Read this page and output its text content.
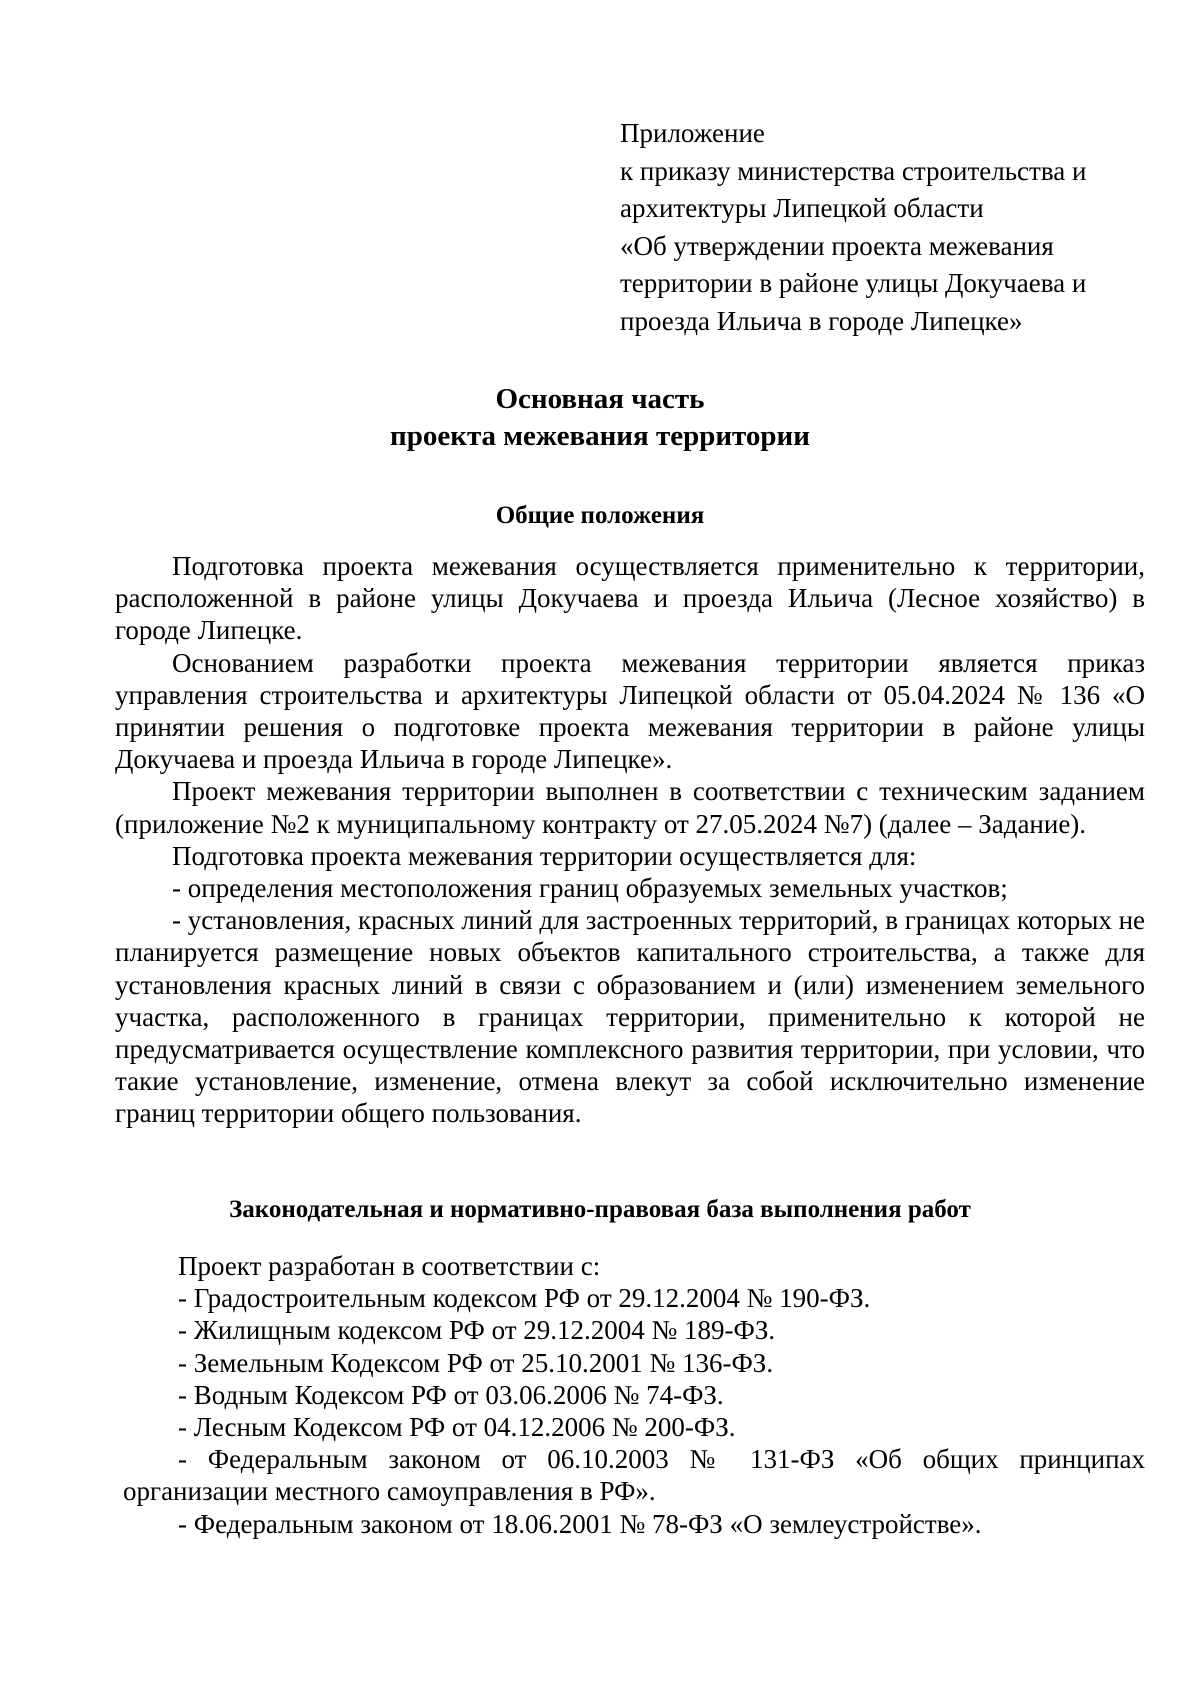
Приложение
к приказу министерства строительства и
архитектуры Липецкой области
«Об утверждении проекта межевания
территории в районе улицы Докучаева и
проезда Ильича в городе Липецке»
Основная часть
проекта межевания территории
Общие положения

Подготовка проекта межевания осуществляется применительно к территории, расположенной в районе улицы Докучаева и проезда Ильича (Лесное хозяйство) в городе Липецке.

Основанием разработки проекта межевания территории является приказ управления строительства и архитектуры Липецкой области от 05.04.2024 № 136 «О принятии решения о подготовке проекта межевания территории в районе улицы Докучаева и проезда Ильича в городе Липецке».

Проект межевания территории выполнен в соответствии с техническим заданием (приложение №2 к муниципальному контракту от 27.05.2024 №7) (далее – Задание).

Подготовка проекта межевания территории осуществляется для:

- определения местоположения границ образуемых земельных участков;

- установления, красных линий для застроенных территорий, в границах которых не планируется размещение новых объектов капитального строительства, а также для установления красных линий в связи с образованием и (или) изменением земельного участка, расположенного в границах территории, применительно к которой не предусматривается осуществление комплексного развития территории, при условии, что такие установление, изменение, отмена влекут за собой исключительно изменение границ территории общего пользования.

Законодательная и нормативно-правовая база выполнения работ

Проект разработан в соответствии с:

- Градостроительным кодексом РФ от 29.12.2004 № 190-ФЗ.

- Жилищным кодексом РФ от 29.12.2004 № 189-ФЗ.

- Земельным Кодексом РФ от 25.10.2001 № 136-ФЗ.

- Водным Кодексом РФ от 03.06.2006 № 74-ФЗ.

- Лесным Кодексом РФ от 04.12.2006 № 200-ФЗ.

- Федеральным законом от 06.10.2003 № 131-ФЗ «Об общих принципах организации местного самоуправления в РФ».

- Федеральным законом от 18.06.2001 № 78-ФЗ «О землеустройстве».
